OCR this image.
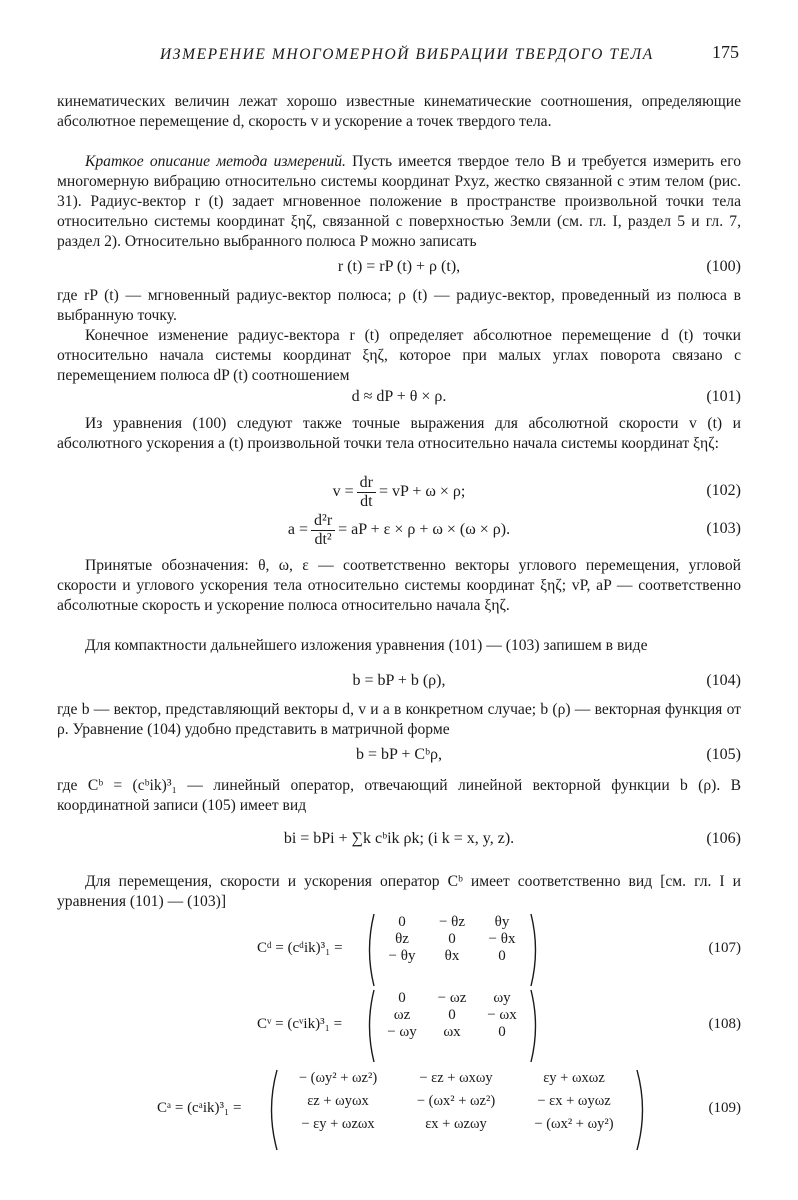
ИЗМЕРЕНИЕ МНОГОМЕРНОЙ ВИБРАЦИИ ТВЕРДОГО ТЕЛА	175

кинематических величин лежат хорошо известные кинематические соотношения, определяющие абсолютное перемещение d, скорость v и ускорение a точек твердого тела.

Краткое описание метода измерений. Пусть имеется твердое тело B и требуется измерить его многомерную вибрацию относительно системы координат Pxyz, жестко связанной с этим телом (рис. 31). Радиус-вектор r (t) задает мгновенное положение в пространстве произвольной точки тела относительно системы координат ξηζ, связанной с поверхностью Земли (см. гл. I, раздел 5 и гл. 7, раздел 2). Относительно выбранного полюса P можно записать

r (t) = rP (t) + ρ (t),	(100)

где rP (t) — мгновенный радиус-вектор полюса; ρ (t) — радиус-вектор, проведенный из полюса в выбранную точку.

Конечное изменение радиус-вектора r (t) определяет абсолютное перемещение d (t) точки относительно начала системы координат ξηζ, которое при малых углах поворота связано с перемещением полюса dP (t) соотношением

d ≈ dP + θ × ρ.	(101)

Из уравнения (100) следуют также точные выражения для абсолютной скорости v (t) и абсолютного ускорения a (t) произвольной точки тела относительно начала системы координат ξηζ:

$v = \frac{dr}{dt}$ = vP + ω × ρ;	(102)
$a = \frac{\text{d²r}}{\text{dt²}}$ = aP + ε × ρ + ω × (ω × ρ).	(103)

Принятые обозначения: θ, ω, ε — соответственно векторы углового перемещения, угловой скорости и углового ускорения тела относительно системы координат ξηζ; vP, aP — соответственно абсолютные скорость и ускорение полюса относительно начала ξηζ.

Для компактности дальнейшего изложения уравнения (101) — (103) запишем в виде

b = bP + b (ρ),	(104)

где b — вектор, представляющий векторы d, v и a в конкретном случае; b (ρ) — векторная функция от ρ. Уравнение (104) удобно представить в матричной форме

b = bP + Cᵇρ,	(105)

где Cᵇ = (cᵇik)³₁ — линейный оператор, отвечающий линейной векторной функции b (ρ). В координатной записи (105) имеет вид

bi = bPi + ∑k cᵇik ρk; (i k = x, y, z).	(106)

Для перемещения, скорости и ускорения оператор Cᵇ имеет соответственно вид [см. гл. I и уравнения (101) — (103)]

Cᵈ = (cᵈik)³₁ =
0	− θz	θy
θz	0	− θx
− θy	θx	0	(107)
Cᵛ = (cᵛik)³₁ =
0	− ωz	ωy
ωz	0	− ωx
− ωy	ωx	0	(108)
Cᵃ = (cᵃik)³₁ =
− (ωy² + ωz²)	− εz + ωxωy	εy + ωxωz
εz + ωyωx	− (ωx² + ωz²)	− εx + ωyωz
− εy + ωzωx	εx + ωzωy	− (ωx² + ωy²)
(109)
